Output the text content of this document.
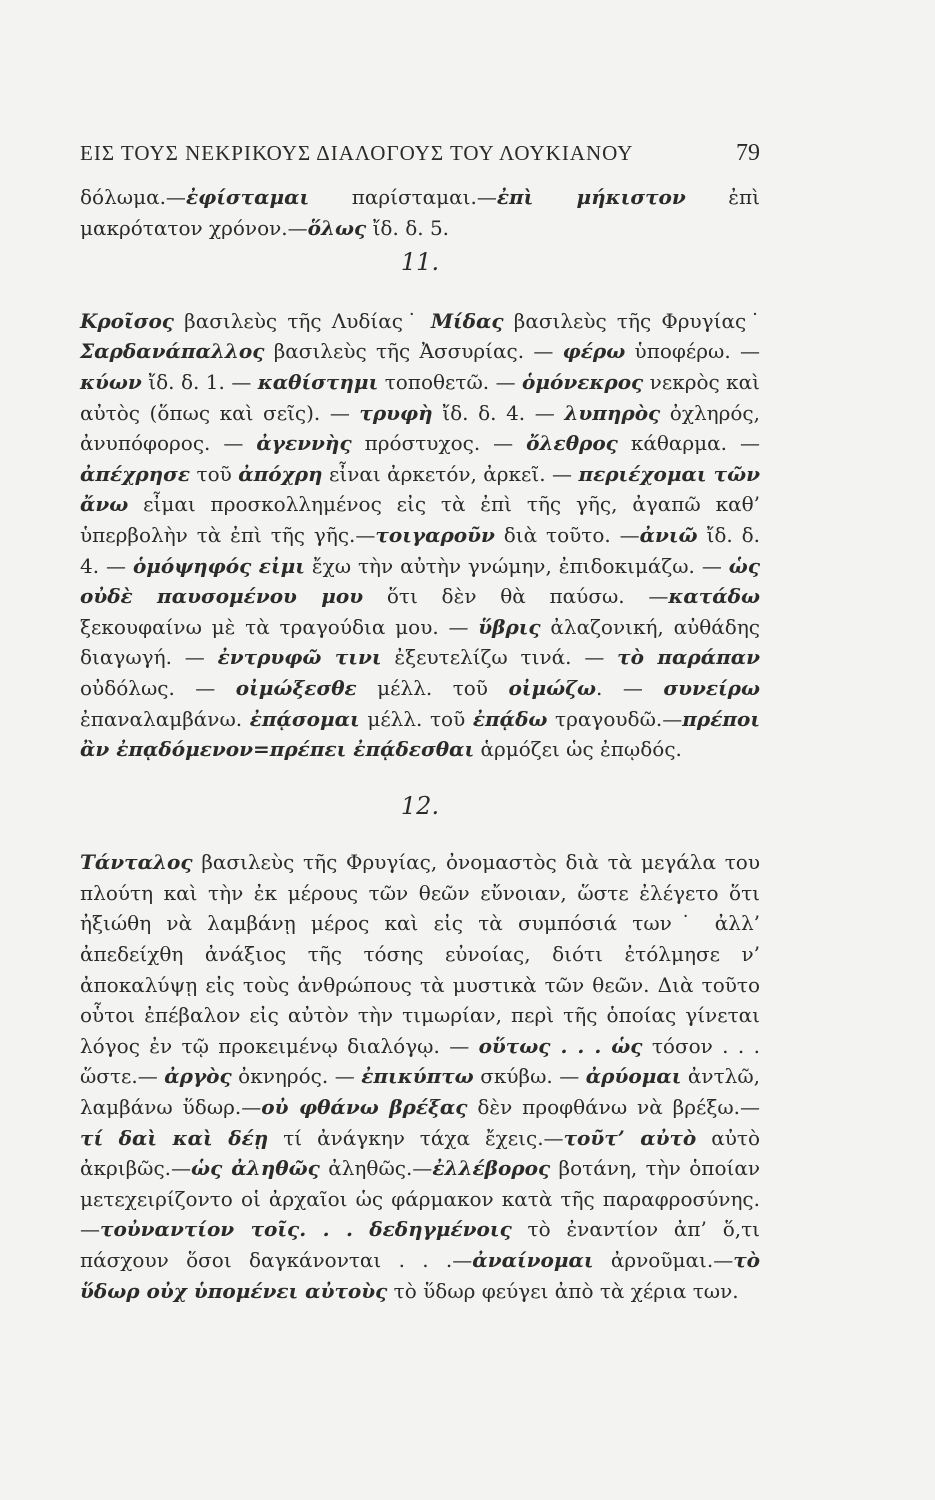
ΕΙΣ ΤΟΥΣ ΝΕΚΡΙΚΟΥΣ ΔΙΑΛΟΓΟΥΣ ΤΟΥ ΛΟΥΚΙΑΝΟΥ	79

δόλωμα.—ἐφίσταμαι παρίσταμαι.—ἐπὶ μήκιστον ἐπὶ μακρότατον χρόνον.—ὅλως ἴδ. δ. 5.

11.

Κροῖσος βασιλεὺς τῆς Λυδίας˙ Μίδας βασιλεὺς τῆς Φρυγίας˙ Σαρδανάπαλλος βασιλεὺς τῆς Ἀσσυρίας. — φέρω ὑποφέρω. — κύων ἴδ. δ. 1. — καθίστημι τοποθετῶ. — ὁμόνεκρος νεκρὸς καὶ αὐτὸς (ὅπως καὶ σεῖς). — τρυφὴ ἴδ. δ. 4. — λυπηρὸς ὀχληρός, ἀνυπόφορος. — ἀγεννὴς πρόστυχος. — ὄλεθρος κάθαρμα. — ἀπέχρησε τοῦ ἀπόχρη εἶναι ἀρκετόν, ἀρκεῖ. — περιέχομαι τῶν ἄνω εἶμαι προσκολλημένος εἰς τὰ ἐπὶ τῆς γῆς, ἀγαπῶ καθ’ ὑπερβολὴν τὰ ἐπὶ τῆς γῆς.—τοιγαροῦν διὰ τοῦτο. —ἀνιῶ ἴδ. δ. 4. — ὁμόψηφός εἰμι ἔχω τὴν αὐτὴν γνώμην, ἐπιδοκιμάζω. — ὡς οὐδὲ παυσομένου μου ὅτι δὲν θὰ παύσω. —κατάδω ξεκουφαίνω μὲ τὰ τραγούδια μου. — ὕβρις ἀλαζονική, αὐθάδης διαγωγή. — ἐντρυφῶ τινι ἐξευτελίζω τινά. — τὸ παράπαν οὐδόλως. — οἰμώξεσθε μέλλ. τοῦ οἰμώζω. — συνείρω ἐπαναλαμβάνω. ἐπᾴσομαι μέλλ. τοῦ ἐπᾴδω τραγουδῶ.—πρέποι ἂν ἐπᾳδόμενον=πρέπει ἐπᾴδεσθαι ἁρμόζει ὡς ἐπῳδός.

12.

Τάνταλος βασιλεὺς τῆς Φρυγίας, ὀνομαστὸς διὰ τὰ μεγάλα του πλούτη καὶ τὴν ἐκ μέρους τῶν θεῶν εὔνοιαν, ὥστε ἐλέγετο ὅτι ἠξιώθη νὰ λαμβάνῃ μέρος καὶ εἰς τὰ συμπόσιά των˙ ἀλλ’ ἀπεδείχθη ἀνάξιος τῆς τόσης εὐνοίας, διότι ἐτόλμησε ν’ ἀποκαλύψῃ εἰς τοὺς ἀνθρώπους τὰ μυστικὰ τῶν θεῶν. Διὰ τοῦτο οὗτοι ἐπέβαλον εἰς αὐτὸν τὴν τιμωρίαν, περὶ τῆς ὁποίας γίνεται λόγος ἐν τῷ προκειμένῳ διαλόγῳ. — οὕτως . . . ὡς τόσον . . . ὥστε.— ἀργὸς ὀκνηρός. — ἐπικύπτω σκύβω. — ἀρύομαι ἀντλῶ, λαμβάνω ὕδωρ.—οὐ φθάνω βρέξας δὲν προφθάνω νὰ βρέξω.— τί δαὶ καὶ δέῃ τί ἀνάγκην τάχα ἔχεις.—τοῦτ’ αὐτὸ αὐτὸ ἀκριβῶς.—ὡς ἀληθῶς ἀληθῶς.—ἐλλέβορος βοτάνη, τὴν ὁποίαν μετεχειρίζοντο οἱ ἀρχαῖοι ὡς φάρμακον κατὰ τῆς παραφροσύνης.—τοὐναντίον τοῖς. . . δεδηγμένοις τὸ ἐναντίον ἀπ’ ὅ,τι πάσχουν ὅσοι δαγκάνονται . . .—ἀναίνομαι ἀρνοῦμαι.—τὸ ὕδωρ οὐχ ὑπομένει αὐτοὺς τὸ ὕδωρ φεύγει ἀπὸ τὰ χέρια των.
